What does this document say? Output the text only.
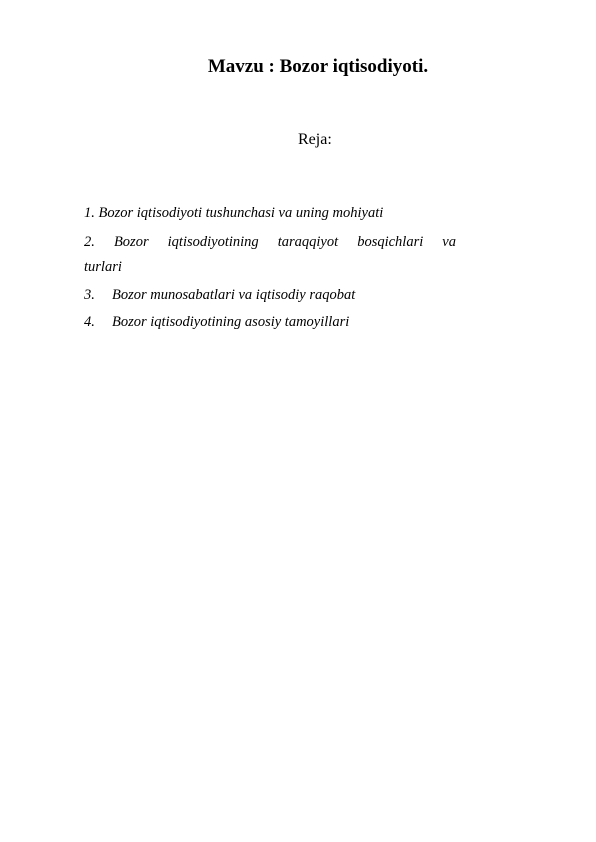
Mavzu : Bozor iqtisodiyoti.
Reja:
1. Bozor iqtisodiyoti tushunchasi va uning mohiyati
2. Bozor iqtisodiyotining taraqqiyot bosqichlari va
turlari
3. Bozor munosabatlari va iqtisodiy raqobat
4. Bozor iqtisodiyotining asosiy tamoyillari
